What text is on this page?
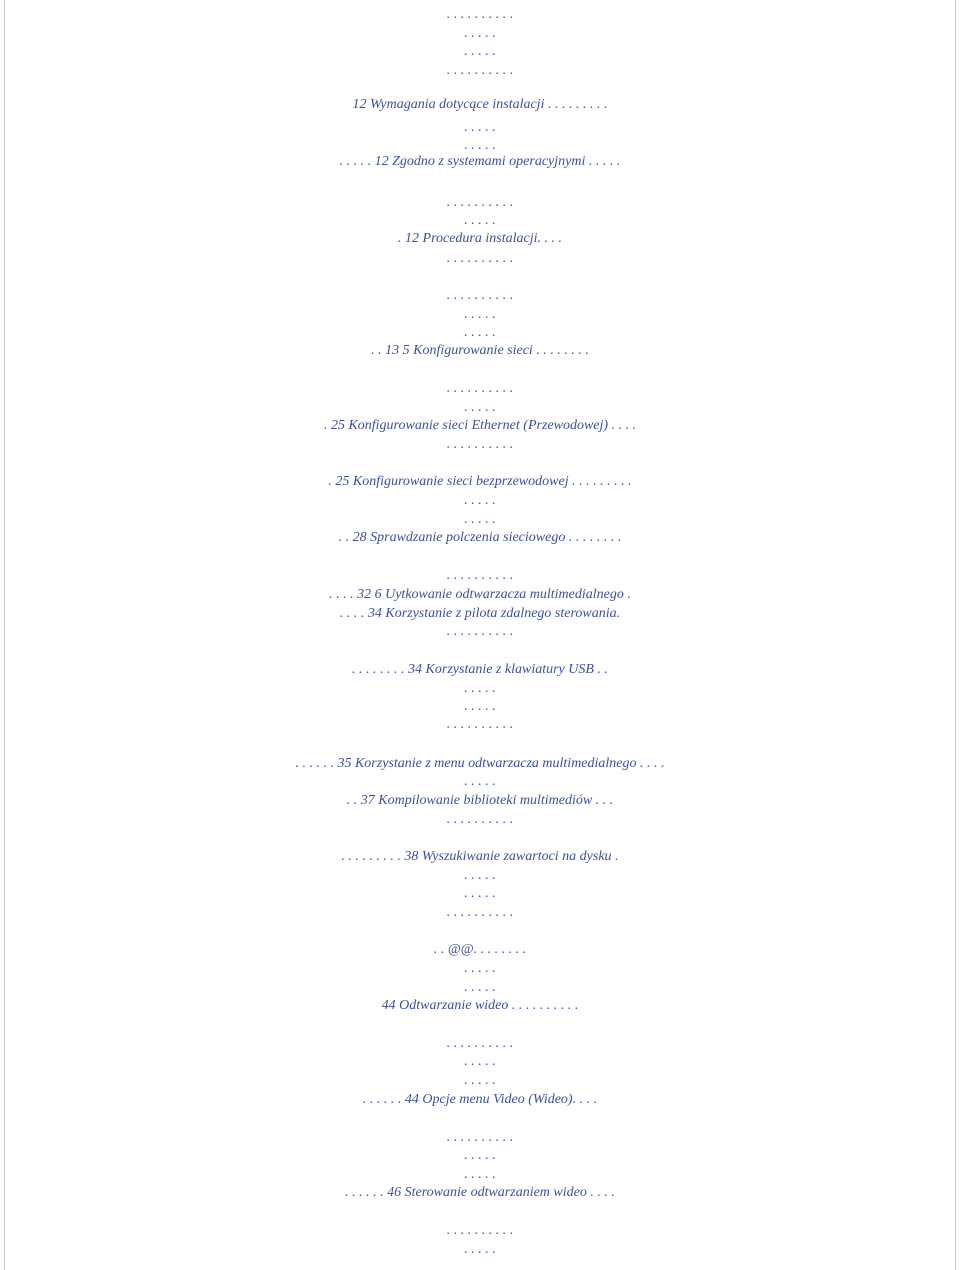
. . . . . . . . . .
. . . . .
. . . . .
. . . . . . . . . .
12 Wymagania dotycące instalacji . . . . . . . . .
. . . . .
. . . . .
. . . . . 12 Zgodno z systemami operacyjnymi . . . . .
. . . . . . . . . .
. . . . .
. 12 Procedura instalacji. . . .
. . . . . . . . . .
. . . . . . . . . .
. . . . .
. . . . .
. . 13 5 Konfigurowanie sieci . . . . . . . .
. . . . . . . . . .
. . . . .
. 25 Konfigurowanie sieci Ethernet (Przewodowej) . . . .
. . . . . . . . . .
. 25 Konfigurowanie sieci bezprzewodowej . . . . . . . . .
. . . . .
. . . . .
. . 28 Sprawdzanie polczenia sieciowego . . . . . . . .
. . . . . . . . . .
. . . . 32 6 Uytkowanie odtwarzacza multimedialnego .
. . . . 34 Korzystanie z pilota zdalnego sterowania.
. . . . . . . . . .
. . . . . . . . 34 Korzystanie z klawiatury USB . .
. . . . .
. . . . .
. . . . . . . . . .
. . . . . . 35 Korzystanie z menu odtwarzacza multimedialnego . . . .
. . . . .
. . 37 Kompilowanie biblioteki multimediów . . .
. . . . . . . . . .
. . . . . . . . . 38 Wyszukiwanie zawartoci na dysku .
. . . . .
. . . . .
. . . . . . . . . .
. . @@. . . . . . . .
. . . . .
. . . . .
44 Odtwarzanie wideo . . . . . . . . . .
. . . . . . . . . .
. . . . .
. . . . .
. . . . . . 44 Opcje menu Video (Wideo). . . .
. . . . . . . . . .
. . . . .
. . . . .
. . . . . . 46 Sterowanie odtwarzaniem wideo . . . .
. . . . . . . . . .
. . . . .
